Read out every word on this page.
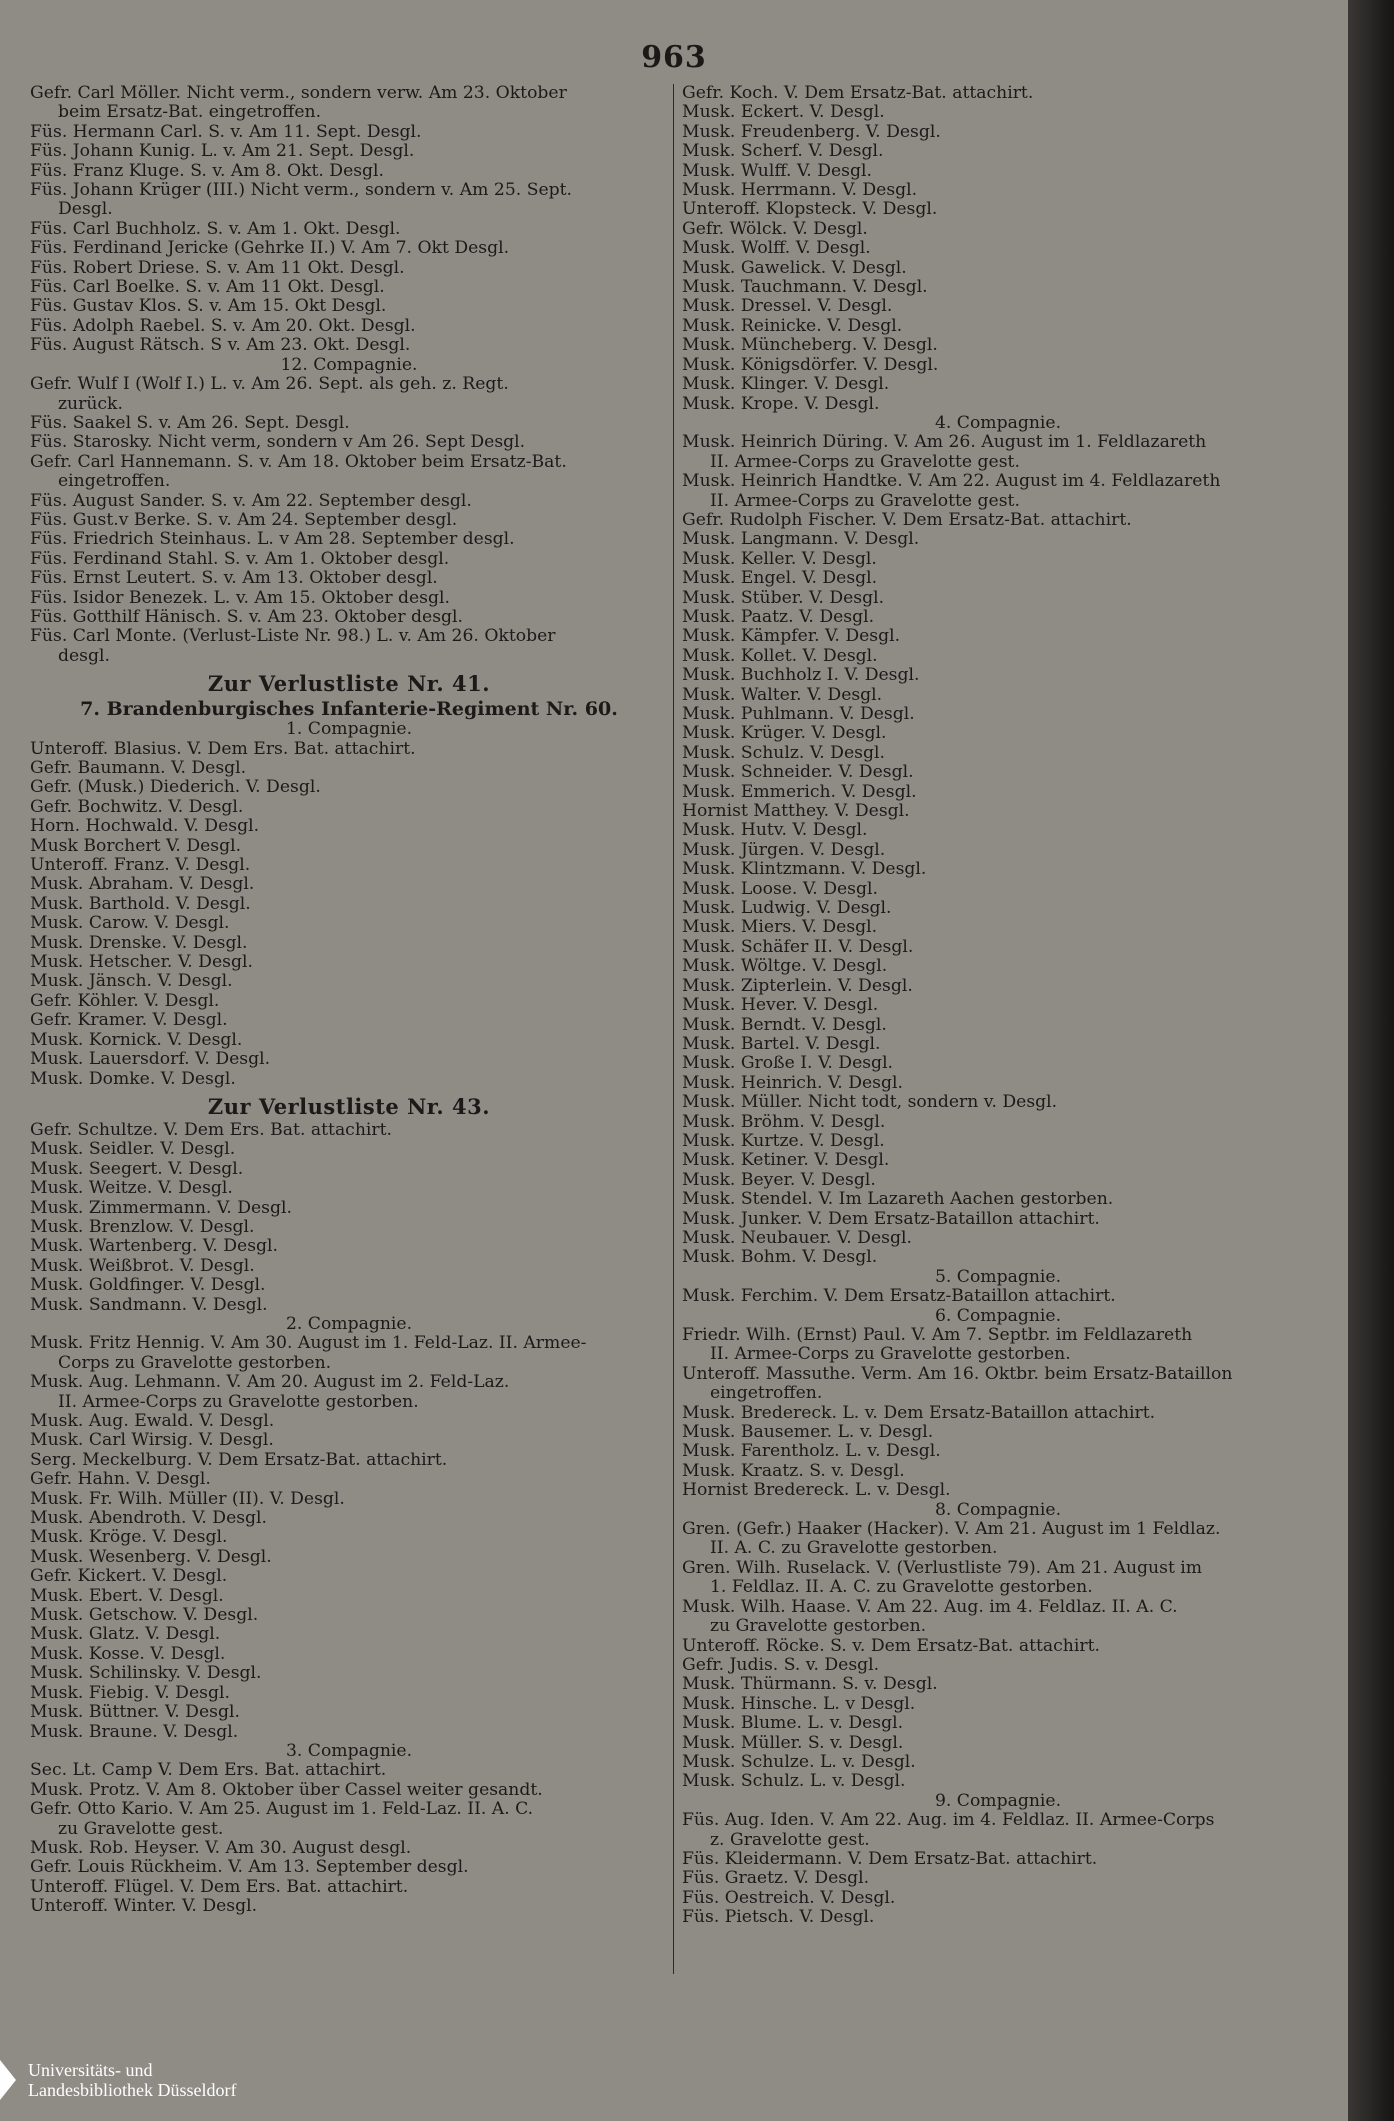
963
Gefr. Carl Möller. Nicht verm., sondern verw. Am 23. Oktober
beim Ersatz-Bat. eingetroffen.
Füs. Hermann Carl. S. v. Am 11. Sept. Desgl.
Füs. Johann Kunig. L. v. Am 21. Sept. Desgl.
Füs. Franz Kluge. S. v. Am 8. Okt. Desgl.
Füs. Johann Krüger (III.) Nicht verm., sondern v. Am 25. Sept.
Desgl.
Füs. Carl Buchholz. S. v. Am 1. Okt. Desgl.
Füs. Ferdinand Jericke (Gehrke II.) V. Am 7. Okt Desgl.
Füs. Robert Driese. S. v. Am 11 Okt. Desgl.
Füs. Carl Boelke. S. v. Am 11 Okt. Desgl.
Füs. Gustav Klos. S. v. Am 15. Okt Desgl.
Füs. Adolph Raebel. S. v. Am 20. Okt. Desgl.
Füs. August Rätsch. S v. Am 23. Okt. Desgl.
12. Compagnie.
Gefr. Wulf I (Wolf I.) L. v. Am 26. Sept. als geh. z. Regt.
zurück.
Füs. Saakel S. v. Am 26. Sept. Desgl.
Füs. Starosky. Nicht verm, sondern v Am 26. Sept Desgl.
Gefr. Carl Hannemann. S. v. Am 18. Oktober beim Ersatz-Bat.
eingetroffen.
Füs. August Sander. S. v. Am 22. September desgl.
Füs. Gust.v Berke. S. v. Am 24. September desgl.
Füs. Friedrich Steinhaus. L. v Am 28. September desgl.
Füs. Ferdinand Stahl. S. v. Am 1. Oktober desgl.
Füs. Ernst Leutert. S. v. Am 13. Oktober desgl.
Füs. Isidor Benezek. L. v. Am 15. Oktober desgl.
Füs. Gotthilf Hänisch. S. v. Am 23. Oktober desgl.
Füs. Carl Monte. (Verlust-Liste Nr. 98.) L. v. Am 26. Oktober
desgl.
Zur Verlustliste Nr. 41.
7. Brandenburgisches Infanterie-Regiment Nr. 60.
1. Compagnie.
Unteroff. Blasius. V. Dem Ers. Bat. attachirt.
Gefr. Baumann. V. Desgl.
Gefr. (Musk.) Diederich. V. Desgl.
Gefr. Bochwitz. V. Desgl.
Horn. Hochwald. V. Desgl.
Musk Borchert V. Desgl.
Unteroff. Franz. V. Desgl.
Musk. Abraham. V. Desgl.
Musk. Barthold. V. Desgl.
Musk. Carow. V. Desgl.
Musk. Drenske. V. Desgl.
Musk. Hetscher. V. Desgl.
Musk. Jänsch. V. Desgl.
Gefr. Köhler. V. Desgl.
Gefr. Kramer. V. Desgl.
Musk. Kornick. V. Desgl.
Musk. Lauersdorf. V. Desgl.
Musk. Domke. V. Desgl.
Zur Verlustliste Nr. 43.
Gefr. Schultze. V. Dem Ers. Bat. attachirt.
Musk. Seidler. V. Desgl.
Musk. Seegert. V. Desgl.
Musk. Weitze. V. Desgl.
Musk. Zimmermann. V. Desgl.
Musk. Brenzlow. V. Desgl.
Musk. Wartenberg. V. Desgl.
Musk. Weißbrot. V. Desgl.
Musk. Goldfinger. V. Desgl.
Musk. Sandmann. V. Desgl.
2. Compagnie.
Musk. Fritz Hennig. V. Am 30. August im 1. Feld-Laz. II. Armee-
Corps zu Gravelotte gestorben.
Musk. Aug. Lehmann. V. Am 20. August im 2. Feld-Laz.
II. Armee-Corps zu Gravelotte gestorben.
Musk. Aug. Ewald. V. Desgl.
Musk. Carl Wirsig. V. Desgl.
Serg. Meckelburg. V. Dem Ersatz-Bat. attachirt.
Gefr. Hahn. V. Desgl.
Musk. Fr. Wilh. Müller (II). V. Desgl.
Musk. Abendroth. V. Desgl.
Musk. Kröge. V. Desgl.
Musk. Wesenberg. V. Desgl.
Gefr. Kickert. V. Desgl.
Musk. Ebert. V. Desgl.
Musk. Getschow. V. Desgl.
Musk. Glatz. V. Desgl.
Musk. Kosse. V. Desgl.
Musk. Schilinsky. V. Desgl.
Musk. Fiebig. V. Desgl.
Musk. Büttner. V. Desgl.
Musk. Braune. V. Desgl.
3. Compagnie.
Sec. Lt. Camp V. Dem Ers. Bat. attachirt.
Musk. Protz. V. Am 8. Oktober über Cassel weiter gesandt.
Gefr. Otto Kario. V. Am 25. August im 1. Feld-Laz. II. A. C.
zu Gravelotte gest.
Musk. Rob. Heyser. V. Am 30. August desgl.
Gefr. Louis Rückheim. V. Am 13. September desgl.
Unteroff. Flügel. V. Dem Ers. Bat. attachirt.
Unteroff. Winter. V. Desgl.
Gefr. Koch. V. Dem Ersatz-Bat. attachirt.
Musk. Eckert. V. Desgl.
Musk. Freudenberg. V. Desgl.
Musk. Scherf. V. Desgl.
Musk. Wulff. V. Desgl.
Musk. Herrmann. V. Desgl.
Unteroff. Klopsteck. V. Desgl.
Gefr. Wölck. V. Desgl.
Musk. Wolff. V. Desgl.
Musk. Gawelick. V. Desgl.
Musk. Tauchmann. V. Desgl.
Musk. Dressel. V. Desgl.
Musk. Reinicke. V. Desgl.
Musk. Müncheberg. V. Desgl.
Musk. Königsdörfer. V. Desgl.
Musk. Klinger. V. Desgl.
Musk. Krope. V. Desgl.
4. Compagnie.
Musk. Heinrich Düring. V. Am 26. August im 1. Feldlazareth
II. Armee-Corps zu Gravelotte gest.
Musk. Heinrich Handtke. V. Am 22. August im 4. Feldlazareth
II. Armee-Corps zu Gravelotte gest.
Gefr. Rudolph Fischer. V. Dem Ersatz-Bat. attachirt.
Musk. Langmann. V. Desgl.
Musk. Keller. V. Desgl.
Musk. Engel. V. Desgl.
Musk. Stüber. V. Desgl.
Musk. Paatz. V. Desgl.
Musk. Kämpfer. V. Desgl.
Musk. Kollet. V. Desgl.
Musk. Buchholz I. V. Desgl.
Musk. Walter. V. Desgl.
Musk. Puhlmann. V. Desgl.
Musk. Krüger. V. Desgl.
Musk. Schulz. V. Desgl.
Musk. Schneider. V. Desgl.
Musk. Emmerich. V. Desgl.
Hornist Matthey. V. Desgl.
Musk. Hutv. V. Desgl.
Musk. Jürgen. V. Desgl.
Musk. Klintzmann. V. Desgl.
Musk. Loose. V. Desgl.
Musk. Ludwig. V. Desgl.
Musk. Miers. V. Desgl.
Musk. Schäfer II. V. Desgl.
Musk. Wöltge. V. Desgl.
Musk. Zipterlein. V. Desgl.
Musk. Hever. V. Desgl.
Musk. Berndt. V. Desgl.
Musk. Bartel. V. Desgl.
Musk. Große I. V. Desgl.
Musk. Heinrich. V. Desgl.
Musk. Müller. Nicht todt, sondern v. Desgl.
Musk. Bröhm. V. Desgl.
Musk. Kurtze. V. Desgl.
Musk. Ketiner. V. Desgl.
Musk. Beyer. V. Desgl.
Musk. Stendel. V. Im Lazareth Aachen gestorben.
Musk. Junker. V. Dem Ersatz-Bataillon attachirt.
Musk. Neubauer. V. Desgl.
Musk. Bohm. V. Desgl.
5. Compagnie.
Musk. Ferchim. V. Dem Ersatz-Bataillon attachirt.
6. Compagnie.
Friedr. Wilh. (Ernst) Paul. V. Am 7. Septbr. im Feldlazareth
II. Armee-Corps zu Gravelotte gestorben.
Unteroff. Massuthe. Verm. Am 16. Oktbr. beim Ersatz-Bataillon
eingetroffen.
Musk. Bredereck. L. v. Dem Ersatz-Bataillon attachirt.
Musk. Bausemer. L. v. Desgl.
Musk. Farentholz. L. v. Desgl.
Musk. Kraatz. S. v. Desgl.
Hornist Bredereck. L. v. Desgl.
8. Compagnie.
Gren. (Gefr.) Haaker (Hacker). V. Am 21. August im 1 Feldlaz.
II. A. C. zu Gravelotte gestorben.
Gren. Wilh. Ruselack. V. (Verlustliste 79). Am 21. August im
1. Feldlaz. II. A. C. zu Gravelotte gestorben.
Musk. Wilh. Haase. V. Am 22. Aug. im 4. Feldlaz. II. A. C.
zu Gravelotte gestorben.
Unteroff. Röcke. S. v. Dem Ersatz-Bat. attachirt.
Gefr. Judis. S. v. Desgl.
Musk. Thürmann. S. v. Desgl.
Musk. Hinsche. L. v Desgl.
Musk. Blume. L. v. Desgl.
Musk. Müller. S. v. Desgl.
Musk. Schulze. L. v. Desgl.
Musk. Schulz. L. v. Desgl.
9. Compagnie.
Füs. Aug. Iden. V. Am 22. Aug. im 4. Feldlaz. II. Armee-Corps
z. Gravelotte gest.
Füs. Kleidermann. V. Dem Ersatz-Bat. attachirt.
Füs. Graetz. V. Desgl.
Füs. Oestreich. V. Desgl.
Füs. Pietsch. V. Desgl.
Universitäts- und
Landesbibliothek Düsseldorf
